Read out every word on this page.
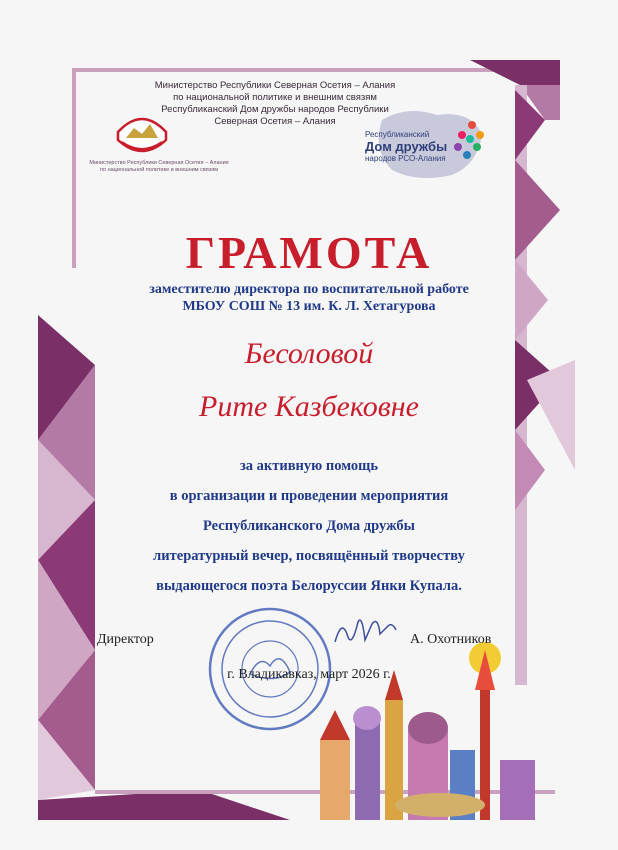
Министерство Республики Северная Осетия – Алания
по национальной политике и внешним связям
Республиканский Дом дружбы народов Республики
Северная Осетия – Алания
Министерство Республики Северная Осетия – Алания
по национальной политике и внешним связям
Республиканский
Дом дружбы
народов РСО-Алания
ГРАМОТА
заместителю директора по воспитательной работе
МБОУ СОШ № 13 им. К. Л. Хетагурова
Бесоловой
Рите Казбековне
за активную помощь
в организации и проведении мероприятия
Республиканского Дома дружбы
литературный вечер, посвящённый творчеству
выдающегося поэта Белоруссии Янки Купала.
Директор	А. Охотников
г. Владикавказ, март 2026 г.
